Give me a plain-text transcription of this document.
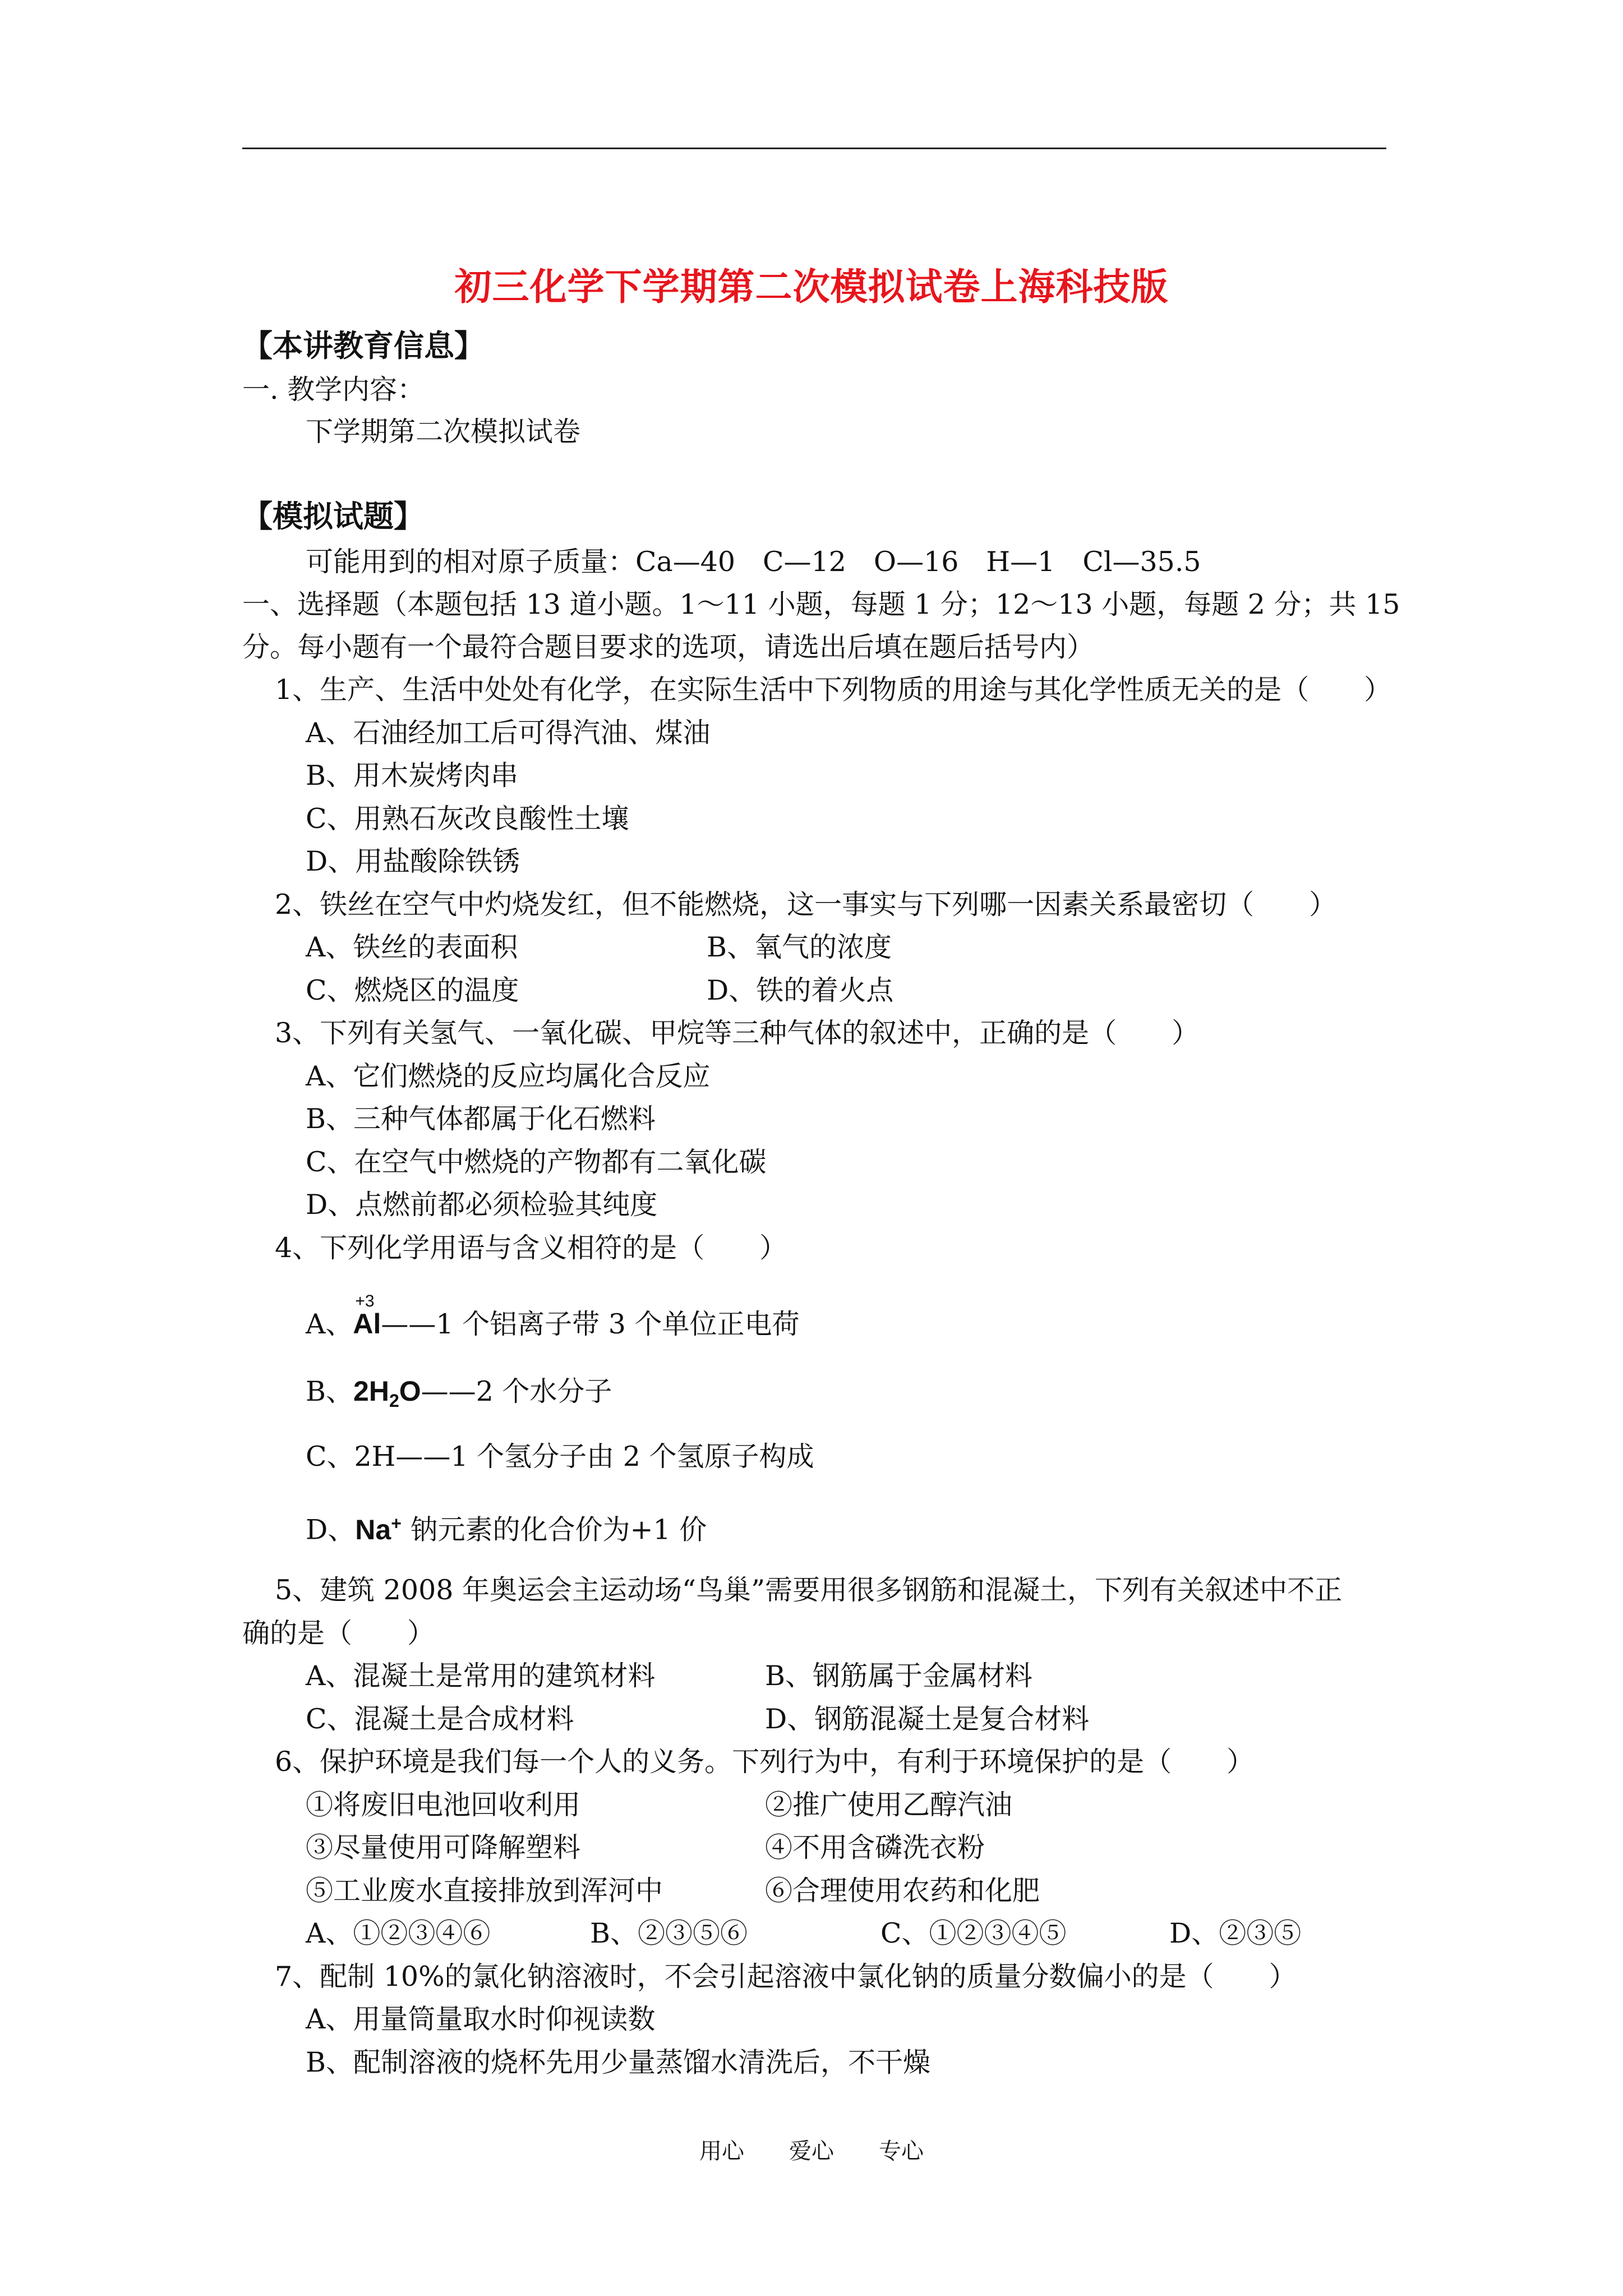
初三化学下学期第二次模拟试卷上海科技版
【本讲教育信息】
一. 教学内容：
下学期第二次模拟试卷
【模拟试题】
可能用到的相对原子质量：Ca—40　C—12　O—16　H—1　Cl—35.5
一、选择题（本题包括 13 道小题。1～11 小题，每题 1 分；12～13 小题，每题 2 分；共 15
分。每小题有一个最符合题目要求的选项，请选出后填在题后括号内）
1、生产、生活中处处有化学，在实际生活中下列物质的用途与其化学性质无关的是（　　）
A、石油经加工后可得汽油、煤油
B、用木炭烤肉串
C、用熟石灰改良酸性土壤
D、用盐酸除铁锈
2、铁丝在空气中灼烧发红，但不能燃烧，这一事实与下列哪一因素关系最密切（　　）
A、铁丝的表面积	B、氧气的浓度
C、燃烧区的温度	D、铁的着火点
3、下列有关氢气、一氧化碳、甲烷等三种气体的叙述中，正确的是（　　）
A、它们燃烧的反应均属化合反应
B、三种气体都属于化石燃料
C、在空气中燃烧的产物都有二氧化碳
D、点燃前都必须检验其纯度
4、下列化学用语与含义相符的是（　　）
A、
+3
Al——1 个铝离子带 3 个单位正电荷
B、$2H_2O——2$ 个水分子
C、2H——1 个氢分子由 2 个氢原子构成
D、Na+ 钠元素的化合价为+1 价
5、建筑 2008 年奥运会主运动场“鸟巢”需要用很多钢筋和混凝土，下列有关叙述中不正
确的是（　　）
A、混凝土是常用的建筑材料	B、钢筋属于金属材料
C、混凝土是合成材料	D、钢筋混凝土是复合材料
6、保护环境是我们每一个人的义务。下列行为中，有利于环境保护的是（　　）
①将废旧电池回收利用	②推广使用乙醇汽油
③尽量使用可降解塑料	④不用含磷洗衣粉
⑤工业废水直接排放到浑河中	⑥合理使用农药和化肥
A、①②③④⑥	B、②③⑤⑥	C、①②③④⑤	D、②③⑤
7、配制 10%的氯化钠溶液时，不会引起溶液中氯化钠的质量分数偏小的是（　　）
A、用量筒量取水时仰视读数
B、配制溶液的烧杯先用少量蒸馏水清洗后，不干燥
用心　　爱心　　专心
